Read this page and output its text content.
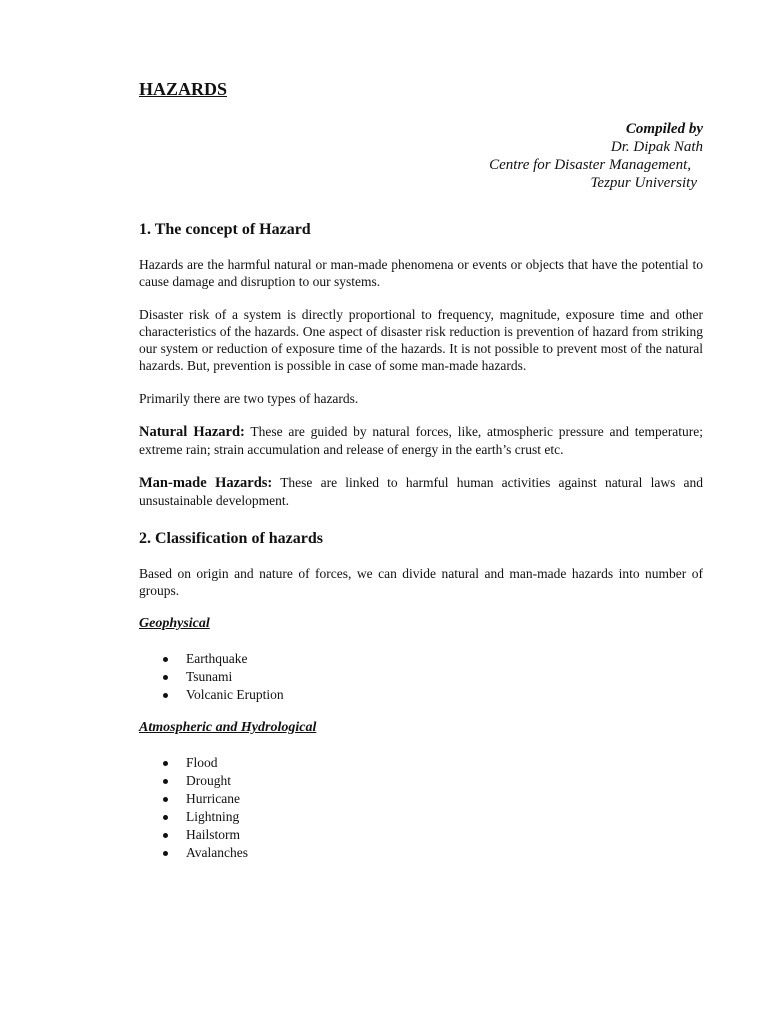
HAZARDS
Compiled by
Dr. Dipak Nath
Centre for Disaster Management,
Tezpur University
1. The concept of Hazard

Hazards are the harmful natural or man-made phenomena or events or objects that have the potential to cause damage and disruption to our systems.

Disaster risk of a system is directly proportional to frequency, magnitude, exposure time and other characteristics of the hazards. One aspect of disaster risk reduction is prevention of hazard from striking our system or reduction of exposure time of the hazards. It is not possible to prevent most of the natural hazards. But, prevention is possible in case of some man-made hazards.

Primarily there are two types of hazards.

Natural Hazard: These are guided by natural forces, like, atmospheric pressure and temperature; extreme rain; strain accumulation and release of energy in the earth’s crust etc.

Man-made Hazards: These are linked to harmful human activities against natural laws and unsustainable development.

2. Classification of hazards

Based on origin and nature of forces, we can divide natural and man-made hazards into number of groups.

Geophysical
Earthquake
Tsunami
Volcanic Eruption
Atmospheric and Hydrological
Flood
Drought
Hurricane
Lightning
Hailstorm
Avalanches
